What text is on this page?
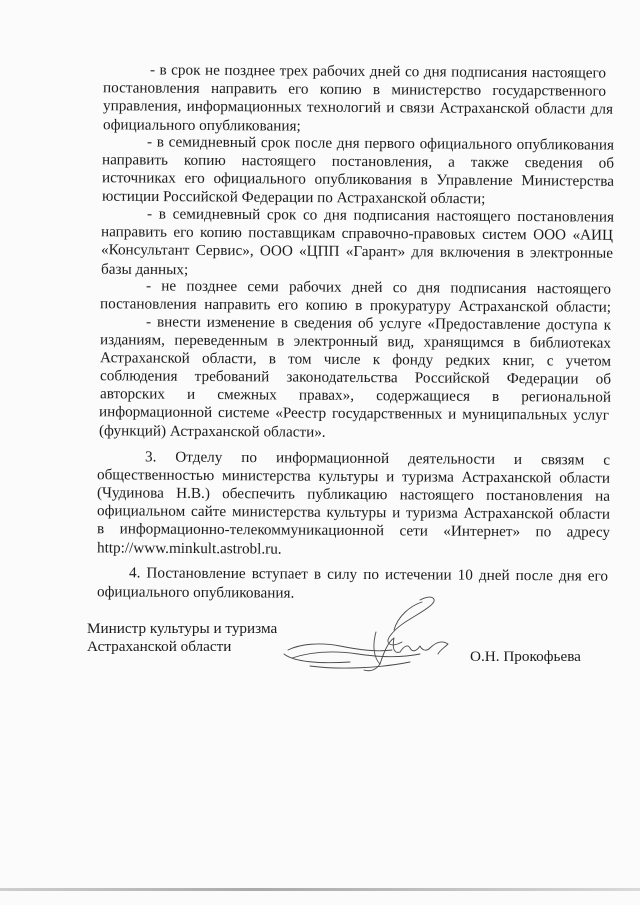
- в срок не позднее трех рабочих дней со дня подписания настоящего
постановления направить его копию в министерство государственного
управления, информационных технологий и связи Астраханской области для
официального опубликования;
- в семидневный срок после дня первого официального опубликования
направить копию настоящего постановления, а также сведения об
источниках его официального опубликования в Управление Министерства
юстиции Российской Федерации по Астраханской области;
- в семидневный срок со дня подписания настоящего постановления
направить его копию поставщикам справочно-правовых систем ООО «АИЦ
«Консультант Сервис», ООО «ЦПП «Гарант» для включения в электронные
базы данных;
- не позднее семи рабочих дней со дня подписания настоящего
постановления направить его копию в прокуратуру Астраханской области;
- внести изменение в сведения об услуге «Предоставление доступа к
изданиям, переведенным в электронный вид, хранящимся в библиотеках
Астраханской области, в том числе к фонду редких книг, с учетом
соблюдения требований законодательства Российской Федерации об
авторских и смежных правах», содержащиеся в региональной
информационной системе «Реестр государственных и муниципальных услуг
(функций) Астраханской области».
3. Отделу по информационной деятельности и связям с
общественностью министерства культуры и туризма Астраханской области
(Чудинова Н.В.) обеспечить публикацию настоящего постановления на
официальном сайте министерства культуры и туризма Астраханской области
в информационно-телекоммуникационной сети «Интернет» по адресу
http://www.minkult.astrobl.ru.
4. Постановление вступает в силу по истечении 10 дней после дня его
официального опубликования.
Министр культуры и туризма
Астраханской области
О.Н. Прокофьева
